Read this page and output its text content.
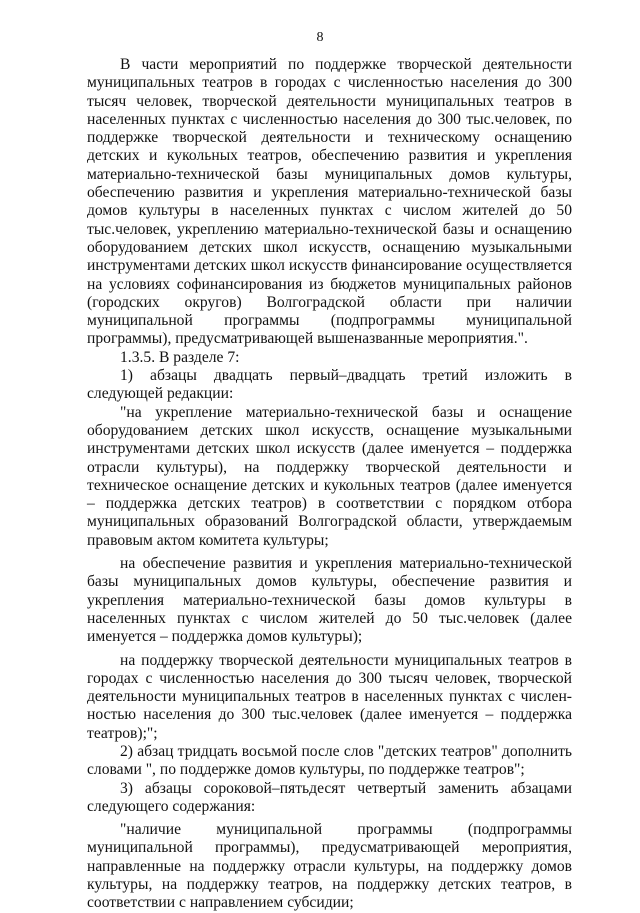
8

В части мероприятий по поддержке творческой деятельности муниципальных театров в городах с численностью населения до 300 тысяч человек, творческой деятельности муниципальных театров в населенных пунктах с численностью населения до 300 тыс.человек, по поддержке творческой деятельности и техническому оснащению детских и кукольных театров, обеспечению развития и укрепления материально-технической базы муниципальных домов культуры, обеспечению развития и укрепления материально-технической базы домов культуры в населенных пунктах с числом жителей до 50 тыс.человек, укреплению материально-технической базы и оснащению оборудованием детских школ искусств, оснащению музыкальными инструментами детских школ искусств финансирование осуществляется на условиях софинансирования из бюджетов муниципальных районов (городских округов) Волгоградской области при наличии муниципальной программы (подпрограммы муниципальной программы), предусматривающей вышеназванные мероприятия.".

1.3.5. В разделе 7:

1) абзацы двадцать первый–двадцать третий изложить в следующей редакции:

"на укрепление материально-технической базы и оснащение оборудованием детских школ искусств, оснащение музыкальными инструментами детских школ искусств (далее именуется – поддержка отрасли культуры), на поддержку творческой деятельности и техническое оснащение детских и кукольных театров (далее именуется – поддержка детских театров) в соответствии с порядком отбора муниципальных образований Волгоградской области, утверждаемым правовым актом комитета культуры;

на обеспечение развития и укрепления материально-технической базы муниципальных домов культуры, обеспечение развития и укрепления материально-технической базы домов культуры в населенных пунктах с числом жителей до 50 тыс.человек (далее именуется – поддержка домов культуры);

на поддержку творческой деятельности муниципальных театров в городах с численностью населения до 300 тысяч человек, творческой деятельности муниципальных театров в населенных пунктах с числен-ностью населения до 300 тыс.человек (далее именуется – поддержка театров);";

2) абзац тридцать восьмой после слов "детских театров" дополнить словами ", по поддержке домов культуры, по поддержке театров";

3) абзацы сороковой–пятьдесят четвертый заменить абзацами следующего содержания:

"наличие муниципальной программы (подпрограммы муниципальной программы), предусматривающей мероприятия, направленные на поддержку отрасли культуры, на поддержку домов культуры, на поддержку театров, на поддержку детских театров, в соответствии с направлением субсидии;
